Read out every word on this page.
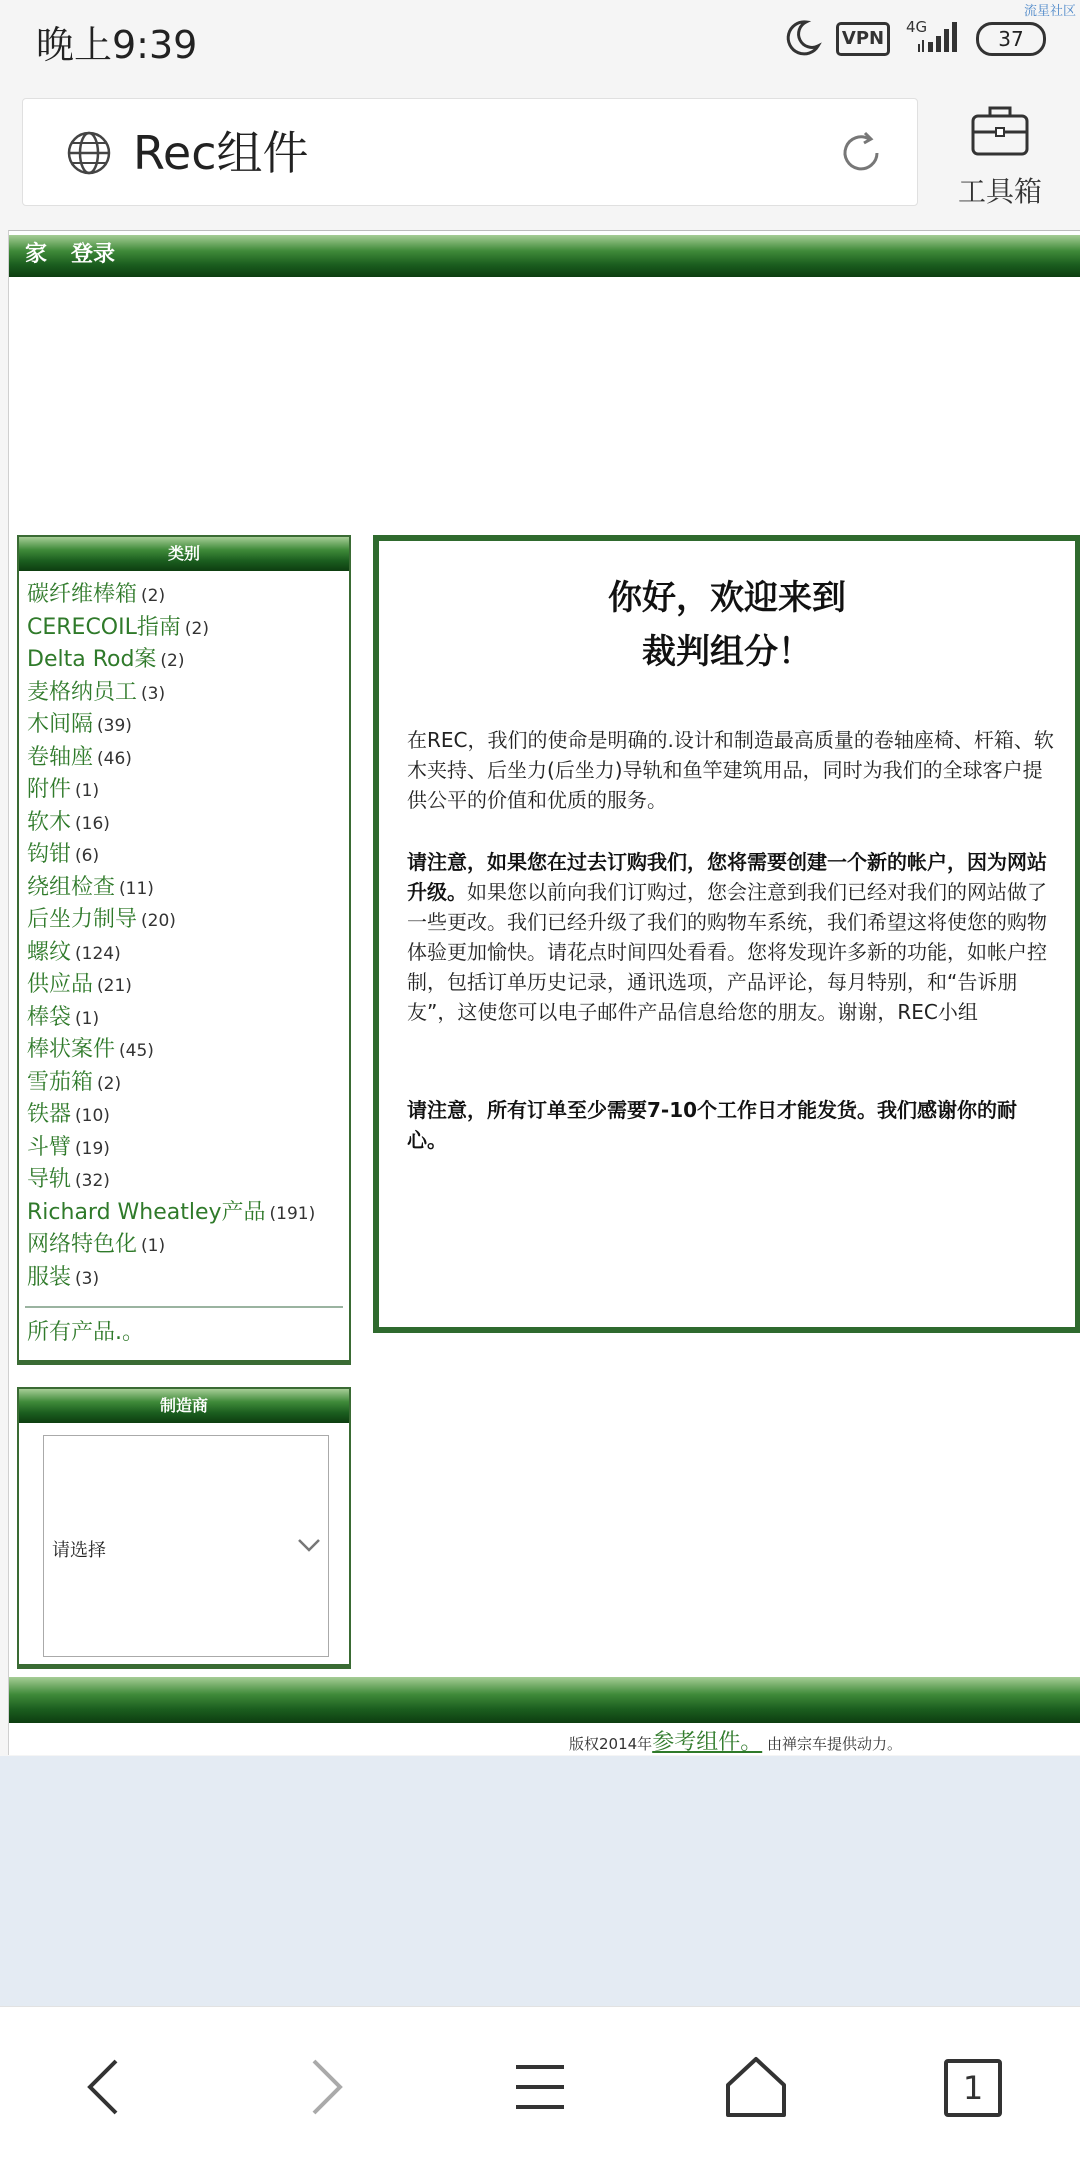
晚上9:39
流星社区
VPN
4G	37
Rec组件
工具箱
家 登录
类别
碳纤维棒箱 (2)
CERECOIL指南 (2)
Delta Rod案 (2)
麦格纳员工 (3)
木间隔 (39)
卷轴座 (46)
附件 (1)
软木 (16)
钩钳 (6)
绕组检查 (11)
后坐力制导 (20)
螺纹 (124)
供应品 (21)
棒袋 (1)
棒状案件 (45)
雪茄箱 (2)
铁器 (10)
斗臂 (19)
导轨 (32)
Richard Wheatley产品 (191)
网络特色化 (1)
服装 (3)
所有产品.。
制造商
请选择
你好，欢迎来到
裁判组分！

在REC，我们的使命是明确的.设计和制造最高质量的卷轴座椅、杆箱、软木夹持、后坐力(后坐力)导轨和鱼竿建筑用品，同时为我们的全球客户提供公平的价值和优质的服务。

请注意，如果您在过去订购我们，您将需要创建一个新的帐户，因为网站升级。如果您以前向我们订购过，您会注意到我们已经对我们的网站做了一些更改。我们已经升级了我们的购物车系统，我们希望这将使您的购物体验更加愉快。请花点时间四处看看。您将发现许多新的功能，如帐户控制，包括订单历史记录，通讯选项，产品评论，每月特别，和“告诉朋友”，这使您可以电子邮件产品信息给您的朋友。谢谢，REC小组

请注意，所有订单至少需要7-10个工作日才能发货。我们感谢你的耐心。

版权2014年参考组件。 由禅宗车提供动力。
1
